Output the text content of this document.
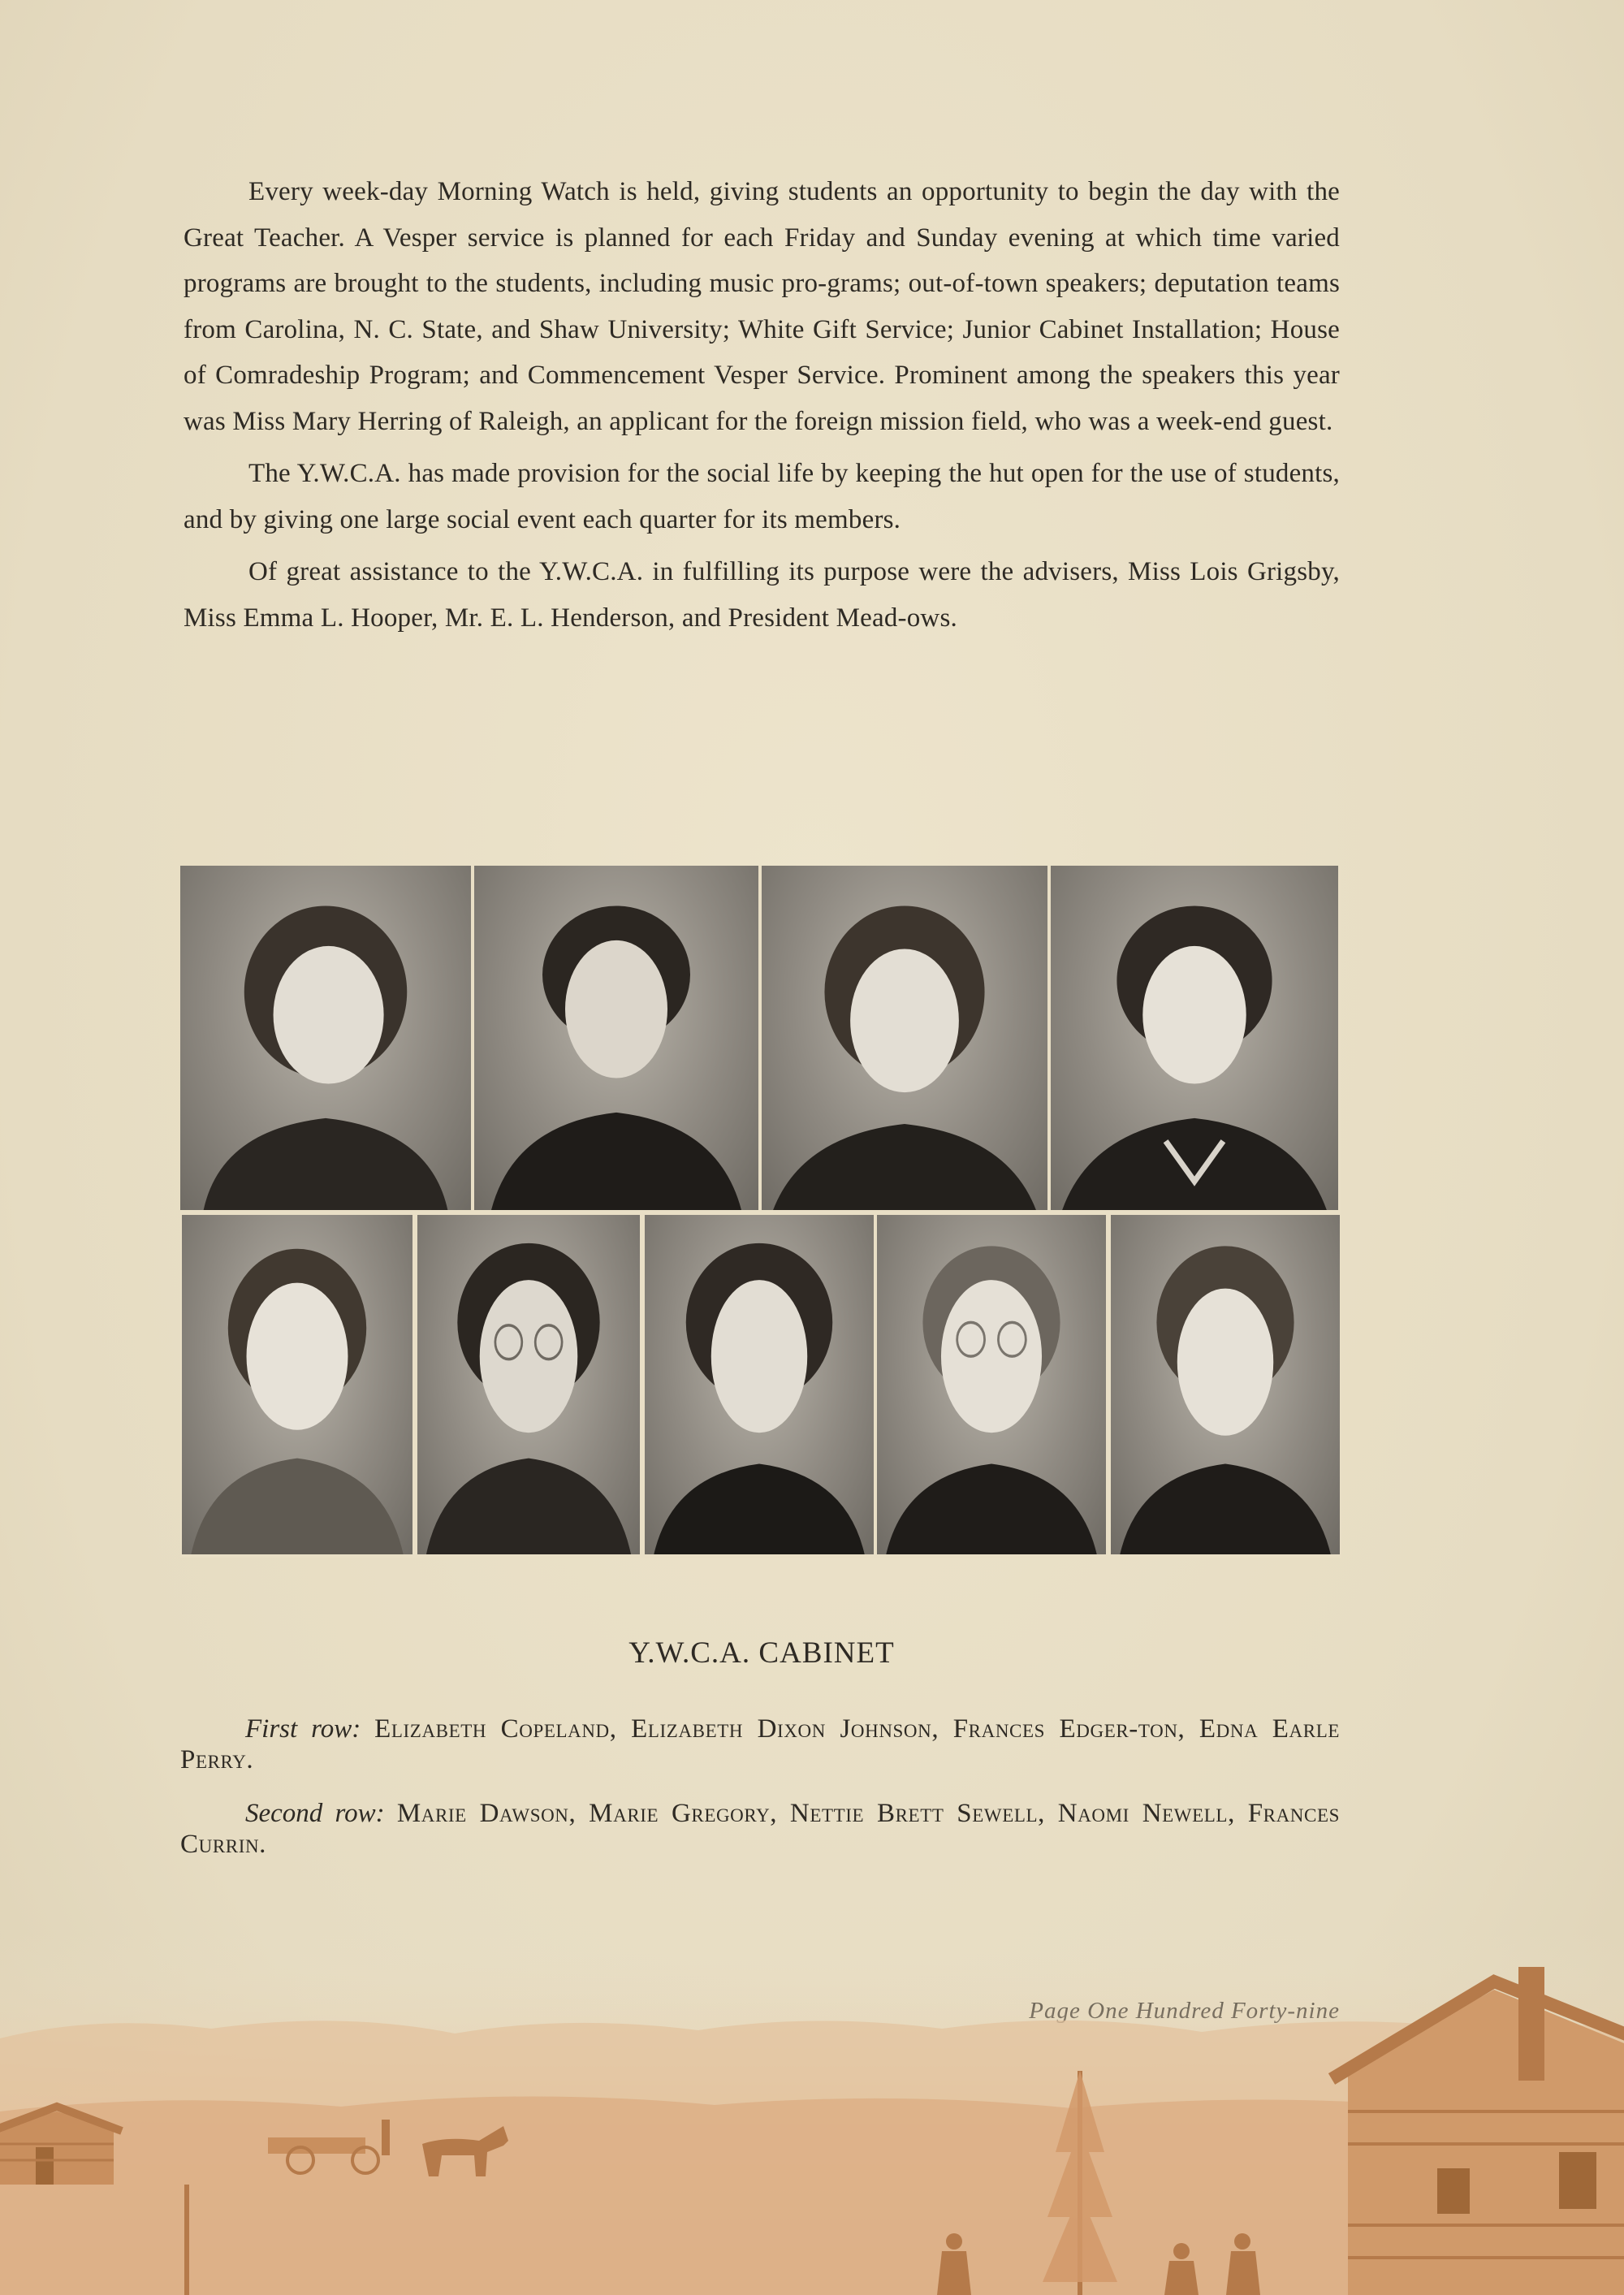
Every week-day Morning Watch is held, giving students an opportunity to begin the day with the Great Teacher. A Vesper service is planned for each Friday and Sunday evening at which time varied programs are brought to the students, including music pro-grams; out-of-town speakers; deputation teams from Carolina, N. C. State, and Shaw University; White Gift Service; Junior Cabinet Installation; House of Comradeship Program; and Commencement Vesper Service. Prominent among the speakers this year was Miss Mary Herring of Raleigh, an applicant for the foreign mission field, who was a week-end guest.

The Y.W.C.A. has made provision for the social life by keeping the hut open for the use of students, and by giving one large social event each quarter for its members.

Of great assistance to the Y.W.C.A. in fulfilling its purpose were the advisers, Miss Lois Grigsby, Miss Emma L. Hooper, Mr. E. L. Henderson, and President Mead-ows.

Y.W.C.A. CABINET
First row: Elizabeth Copeland, Elizabeth Dixon Johnson, Frances Edger-ton, Edna Earle Perry.
Second row: Marie Dawson, Marie Gregory, Nettie Brett Sewell, Naomi Newell, Frances Currin.
